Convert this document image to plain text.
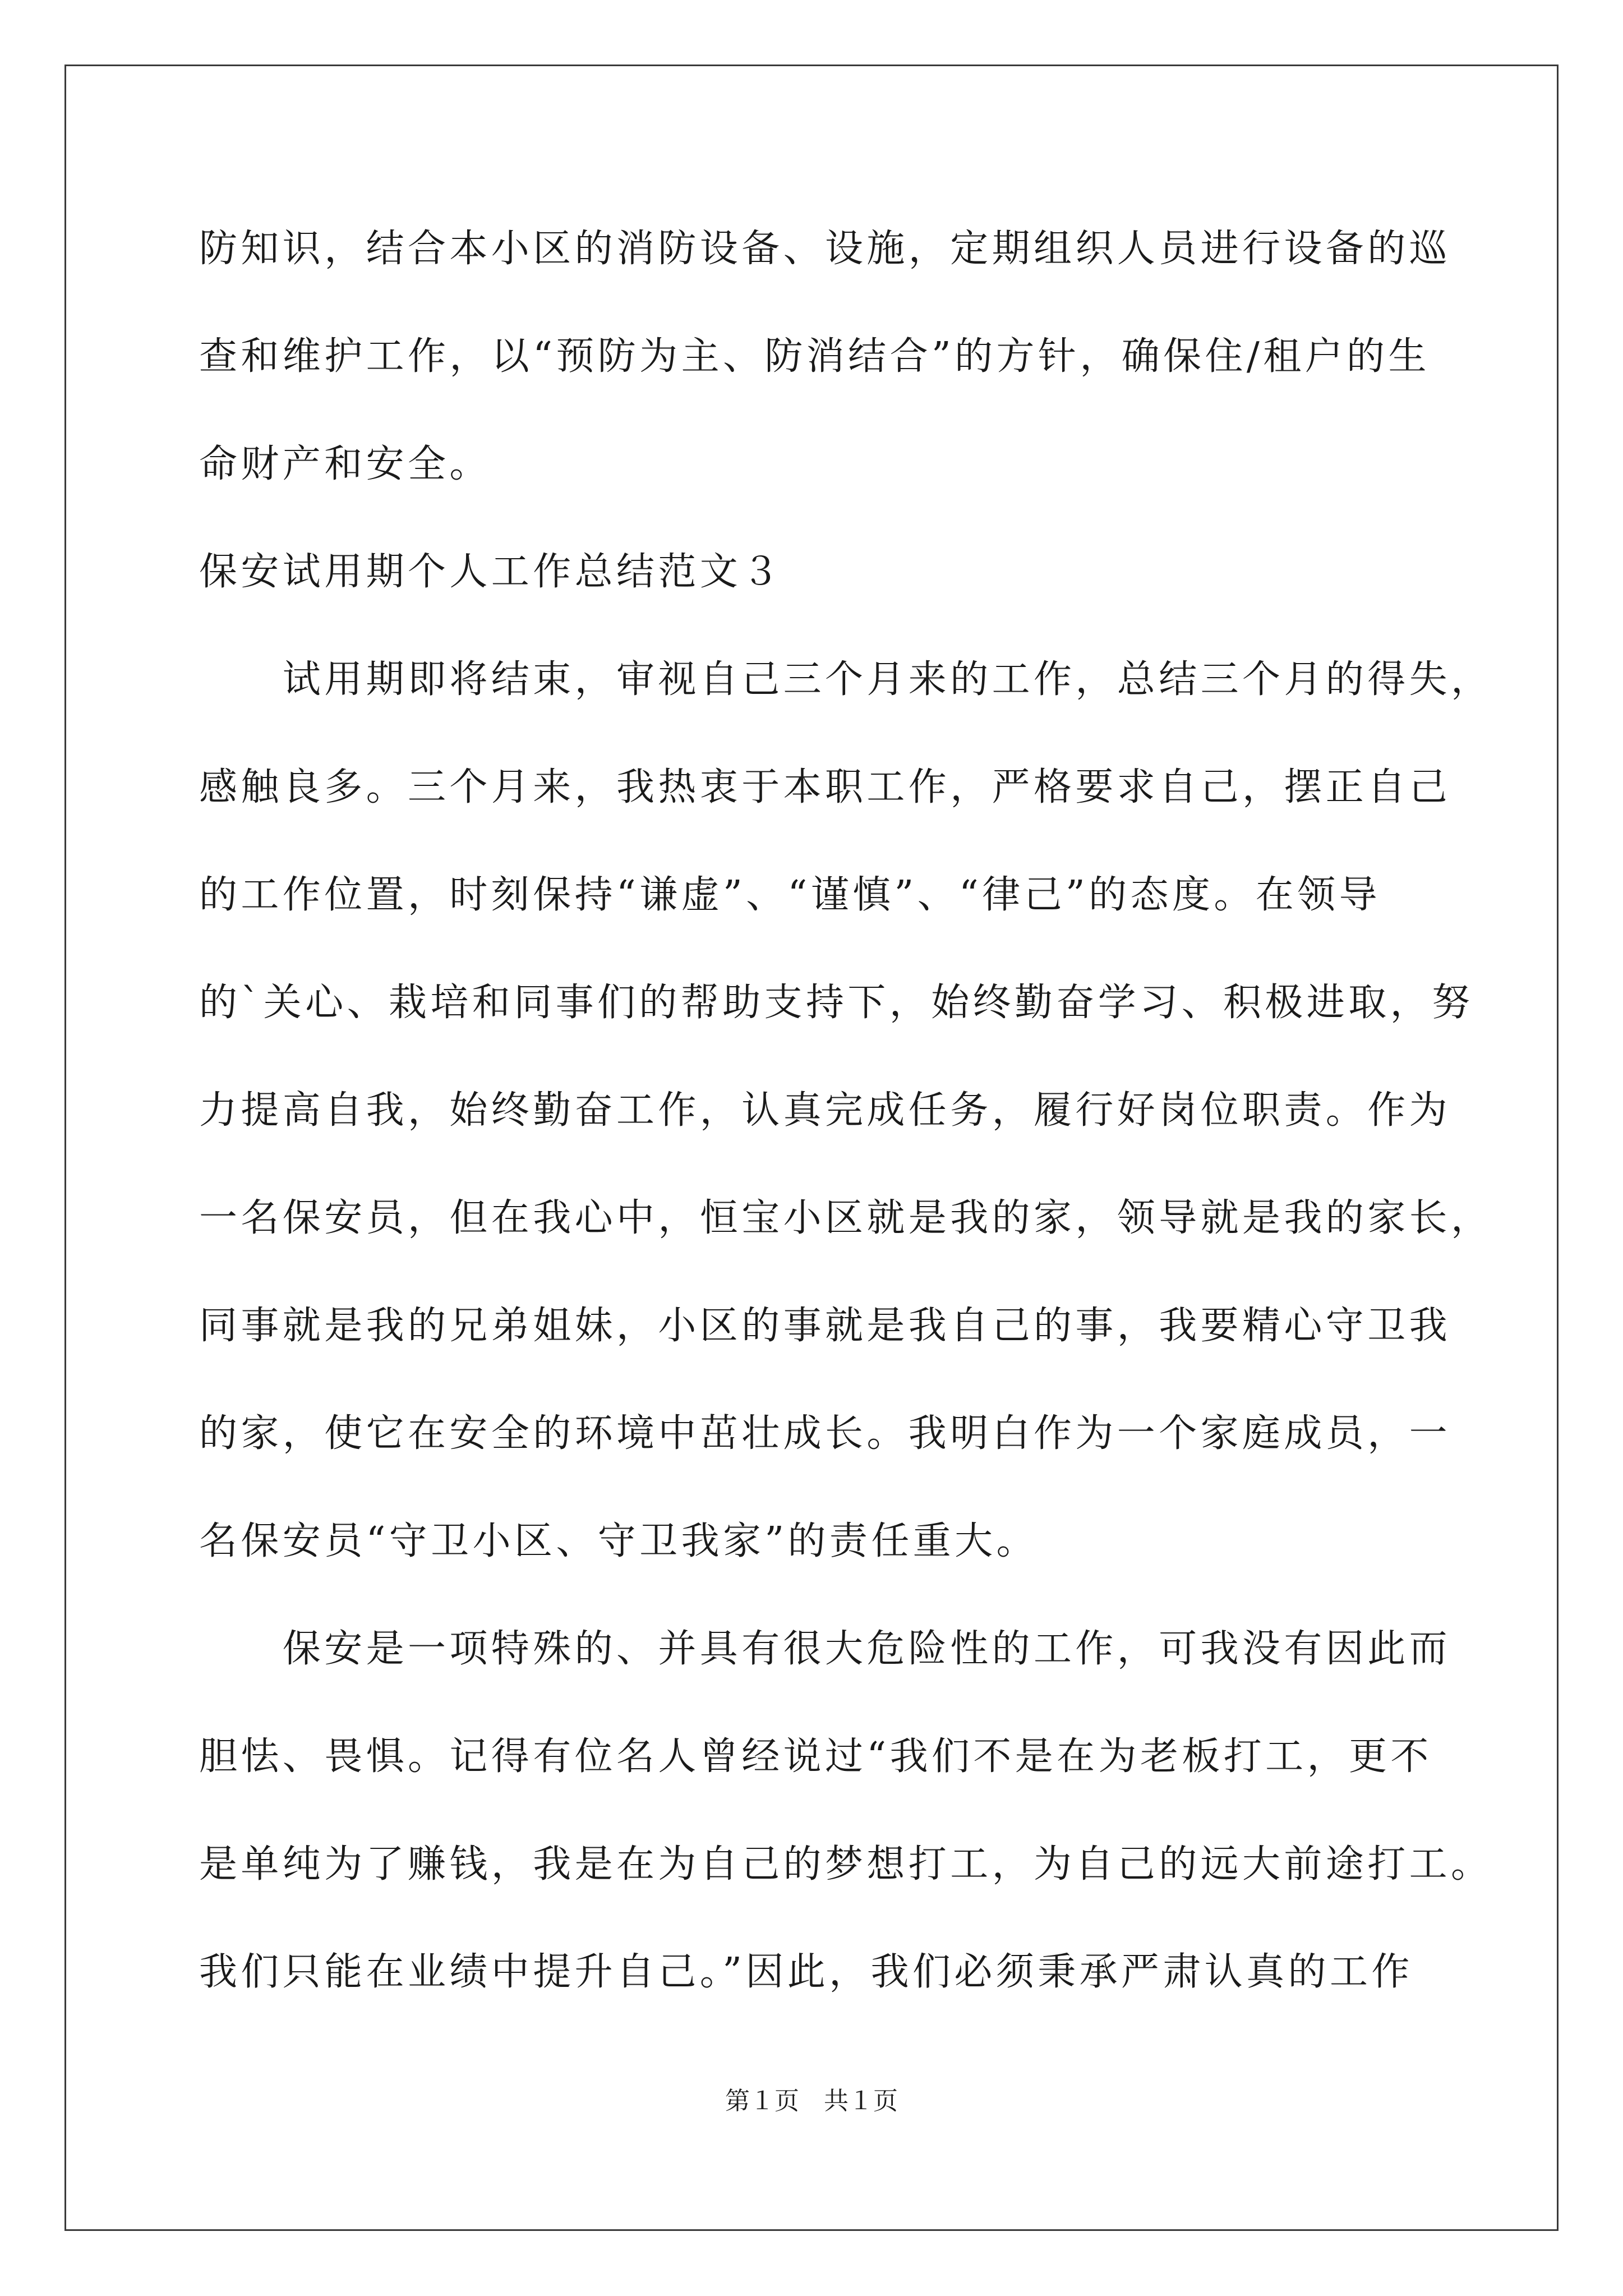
防知识，结合本小区的消防设备、设施，定期组织人员进行设备的巡
查和维护工作，以“预防为主、防消结合”的方针，确保住/租户的生
命财产和安全。
保安试用期个人工作总结范文３
　　试用期即将结束，审视自己三个月来的工作，总结三个月的得失，
感触良多。三个月来，我热衷于本职工作，严格要求自己，摆正自己
的工作位置，时刻保持“谦虚”、“谨慎”、“律己”的态度。在领导
的`关心、栽培和同事们的帮助支持下，始终勤奋学习、积极进取，努
力提高自我，始终勤奋工作，认真完成任务，履行好岗位职责。作为
一名保安员，但在我心中，恒宝小区就是我的家，领导就是我的家长，
同事就是我的兄弟姐妹，小区的事就是我自己的事，我要精心守卫我
的家，使它在安全的环境中茁壮成长。我明白作为一个家庭成员，一
名保安员“守卫小区、守卫我家”的责任重大。
　　保安是一项特殊的、并具有很大危险性的工作，可我没有因此而
胆怯、畏惧。记得有位名人曾经说过“我们不是在为老板打工，更不
是单纯为了赚钱，我是在为自己的梦想打工，为自己的远大前途打工。
我们只能在业绩中提升自己。”因此，我们必须秉承严肃认真的工作
第１页　共１页
